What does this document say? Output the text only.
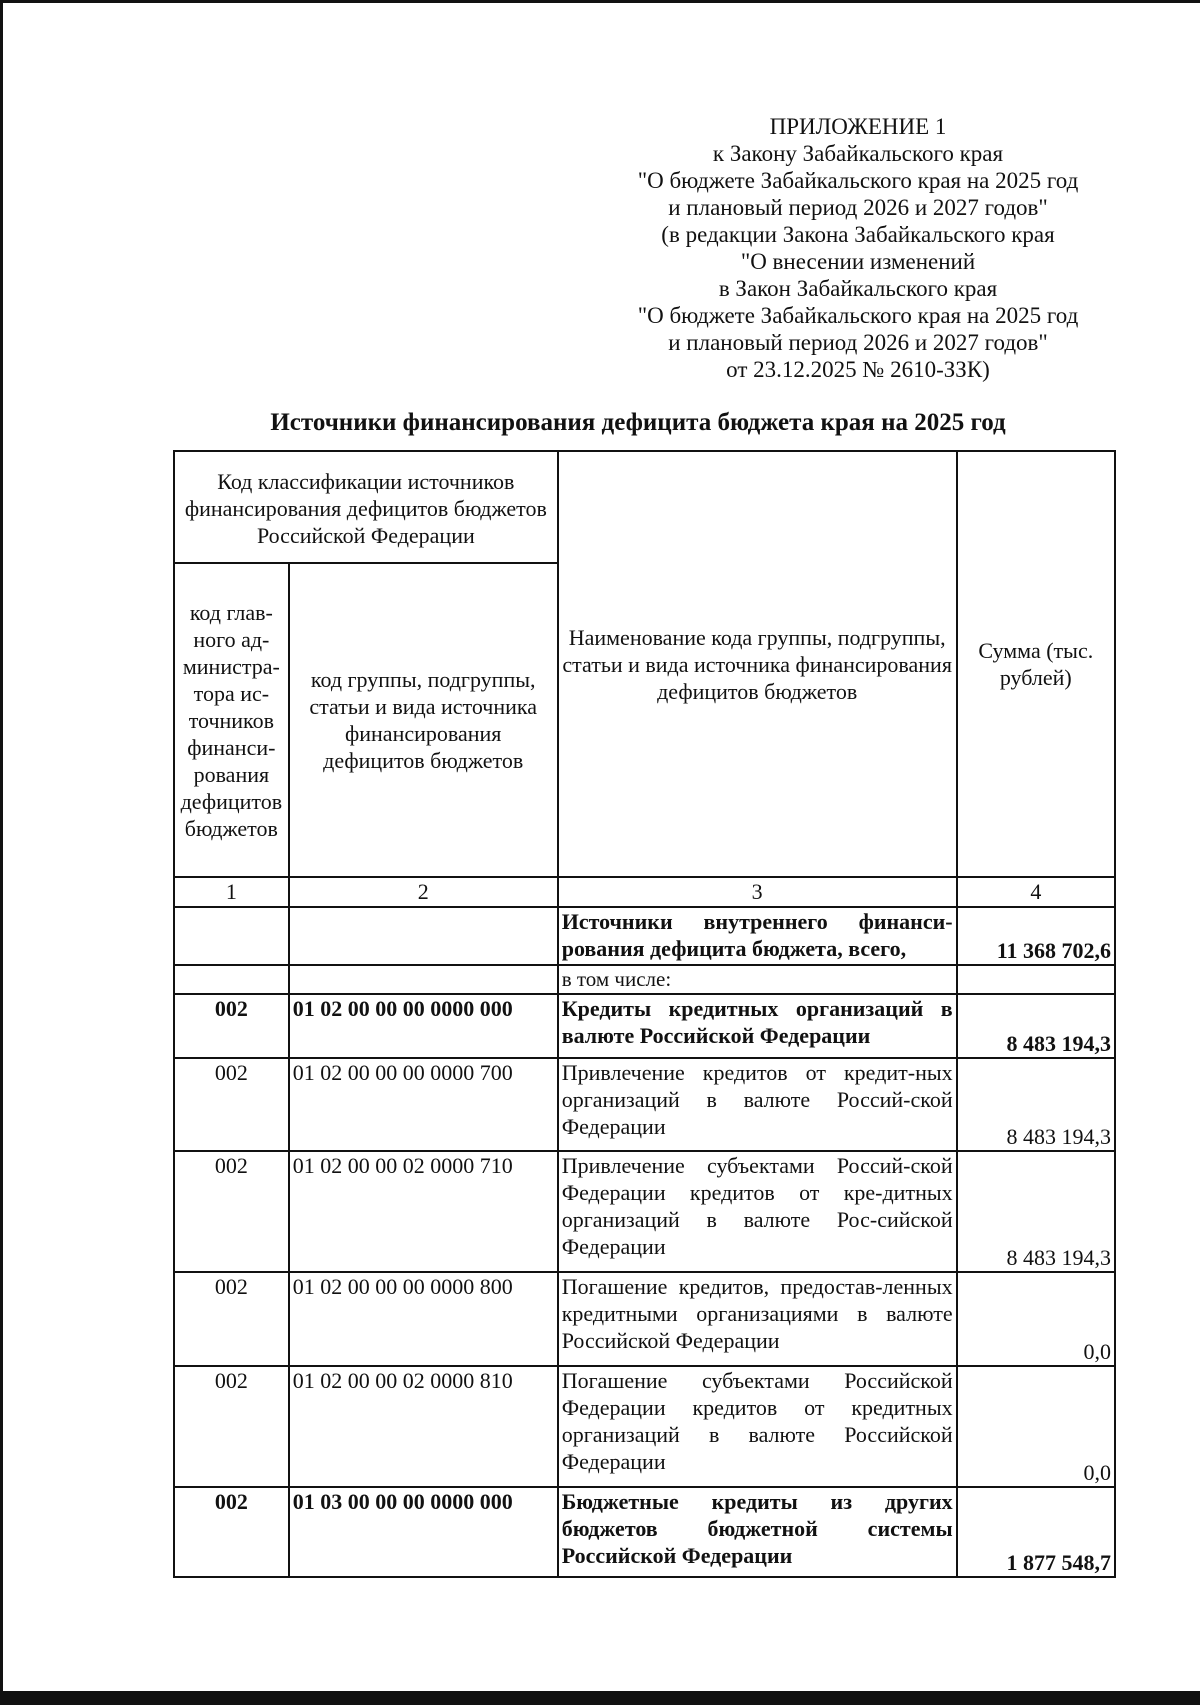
ПРИЛОЖЕНИЕ 1
к Закону Забайкальского края
"О бюджете Забайкальского края на 2025 год
и плановый период 2026 и 2027 годов"
(в редакции Закона Забайкальского края
"О внесении изменений
в Закон Забайкальского края
"О бюджете Забайкальского края на 2025 год
и плановый период 2026 и 2027 годов"
от 23.12.2025 № 2610-ЗЗК)
Источники финансирования дефицита бюджета края на 2025 год
Код классификации источников финансирования дефицитов бюджетов Российской Федерации		Наименование кода группы, подгруппы, статьи и вида источника финансирования дефицитов бюджетов	Сумма (тыс. рублей)
код глав-ного ад-министра-тора ис-точников финанси-рования дефицитов бюджетов	код группы, подгруппы, статьи и вида источника финансирования дефицитов бюджетов		
1	2	3	4
		Источники внутреннего финанси-рования дефицита бюджета, всего,	11 368 702,6
		в том числе:	
002	01 02 00 00 00 0000 000	Кредиты кредитных организаций в валюте Российской Федерации	8 483 194,3
002	01 02 00 00 00 0000 700	Привлечение кредитов от кредит-ных организаций в валюте Россий-ской Федерации	8 483 194,3
002	01 02 00 00 02 0000 710	Привлечение субъектами Россий-ской Федерации кредитов от кре-дитных организаций в валюте Рос-сийской Федерации	8 483 194,3
002	01 02 00 00 00 0000 800	Погашение кредитов, предостав-ленных кредитными организациями в валюте Российской Федерации	0,0
002	01 02 00 00 02 0000 810	Погашение субъектами Российской Федерации кредитов от кредитных организаций в валюте Российской Федерации	0,0
002	01 03 00 00 00 0000 000	Бюджетные кредиты из других бюджетов бюджетной системы Российской Федерации	1 877 548,7
